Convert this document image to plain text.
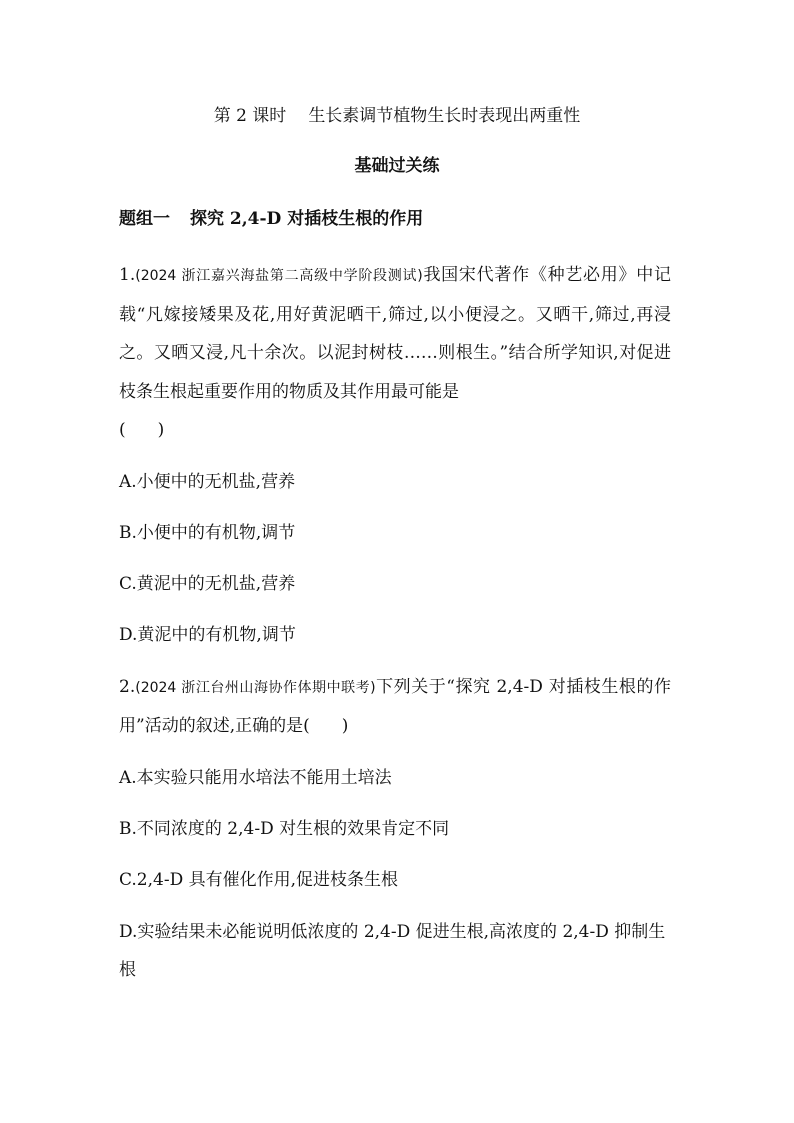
第 2 课时 生长素调节植物生长时表现出两重性
基础过关练
题组一 探究 2,4-D 对插枝生根的作用

1.(2024 浙江嘉兴海盐第二高级中学阶段测试)我国宋代著作《种艺必用》中记载“凡嫁接矮果及花,用好黄泥晒干,筛过,以小便浸之。又晒干,筛过,再浸之。又晒又浸,凡十余次。以泥封树枝……则根生。”结合所学知识,对促进枝条生根起重要作用的物质及其作用最可能是
( )

A.小便中的无机盐,营养

B.小便中的有机物,调节

C.黄泥中的无机盐,营养

D.黄泥中的有机物,调节

2.(2024 浙江台州山海协作体期中联考)下列关于“探究 2,4-D 对插枝生根的作用”活动的叙述,正确的是( )

A.本实验只能用水培法不能用土培法

B.不同浓度的 2,4-D 对生根的效果肯定不同

C.2,4-D 具有催化作用,促进枝条生根

D.实验结果未必能说明低浓度的 2,4-D 促进生根,高浓度的 2,4-D 抑制生根
